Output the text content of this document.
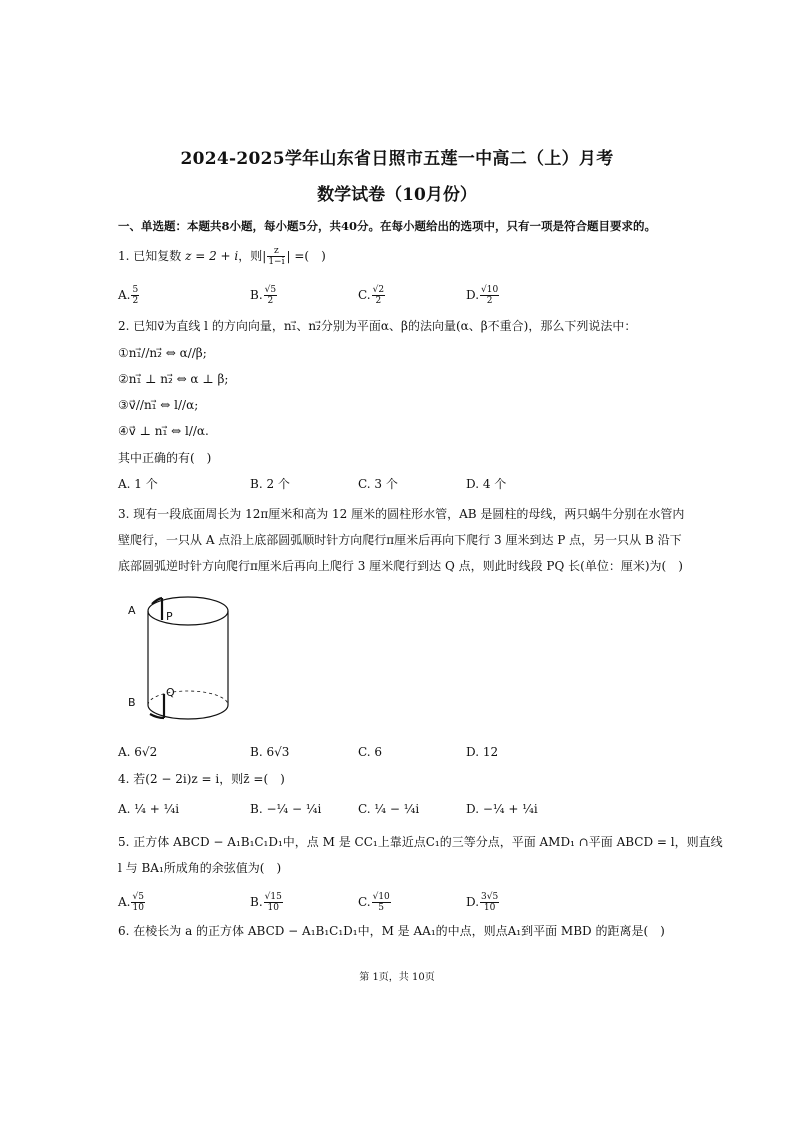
2024-2025学年山东省日照市五莲一中高二（上）月考
数学试卷（10月份）
一、单选题：本题共8小题，每小题5分，共40分。在每小题给出的选项中，只有一项是符合题目要求的。
1. 已知复数 z = 2 + i，则| $\frac{z}{1-i}$ | =(　)
A. $\frac{5}{2}$	B. $\frac{√5}{2}$	C. $\frac{√2}{2}$	D. $\frac{√10}{2}$
2. 已知v⃗为直线 l 的方向向量，n₁⃗、n₂⃗分别为平面α、β的法向量(α、β不重合)，那么下列说法中：
①n₁⃗//n₂⃗ ⇔ α//β;
②n₁⃗ ⊥ n₂⃗ ⇔ α ⊥ β;
③v⃗//n₁⃗ ⇔ l//α;
④v⃗ ⊥ n₁⃗ ⇔ l//α.
其中正确的有(　)
A. 1 个	B. 2 个	C. 3 个	D. 4 个
3. 现有一段底面周长为 12π厘米和高为 12 厘米的圆柱形水管，AB 是圆柱的母线，两只蜗牛分别在水管内
壁爬行，一只从 A 点沿上底部圆弧顺时针方向爬行π厘米后再向下爬行 3 厘米到达 P 点，另一只从 B 沿下
底部圆弧逆时针方向爬行π厘米后再向上爬行 3 厘米爬行到达 Q 点，则此时线段 PQ 长(单位：厘米)为(　)
A	P
B
Q
A. 6√2	B. 6√3	C. 6	D. 12
4. 若(2 − 2i)z = i，则z̄ =(　)
A. ¼ + ¼i	B. −¼ − ¼i	C. ¼ − ¼i	D. −¼ + ¼i
5. 正方体 ABCD − A₁B₁C₁D₁中，点 M 是 CC₁上靠近点C₁的三等分点，平面 AMD₁ ∩平面 ABCD = l，则直线
l 与 BA₁所成角的余弦值为(　)
A. $\frac{√5}{10}$	B. $\frac{√15}{10}$	C. $\frac{√10}{5}$	D. $\frac{3√5}{10}$
6. 在棱长为 a 的正方体 ABCD − A₁B₁C₁D₁中，M 是 AA₁的中点，则点A₁到平面 MBD 的距离是(　)
第 1页，共 10页
